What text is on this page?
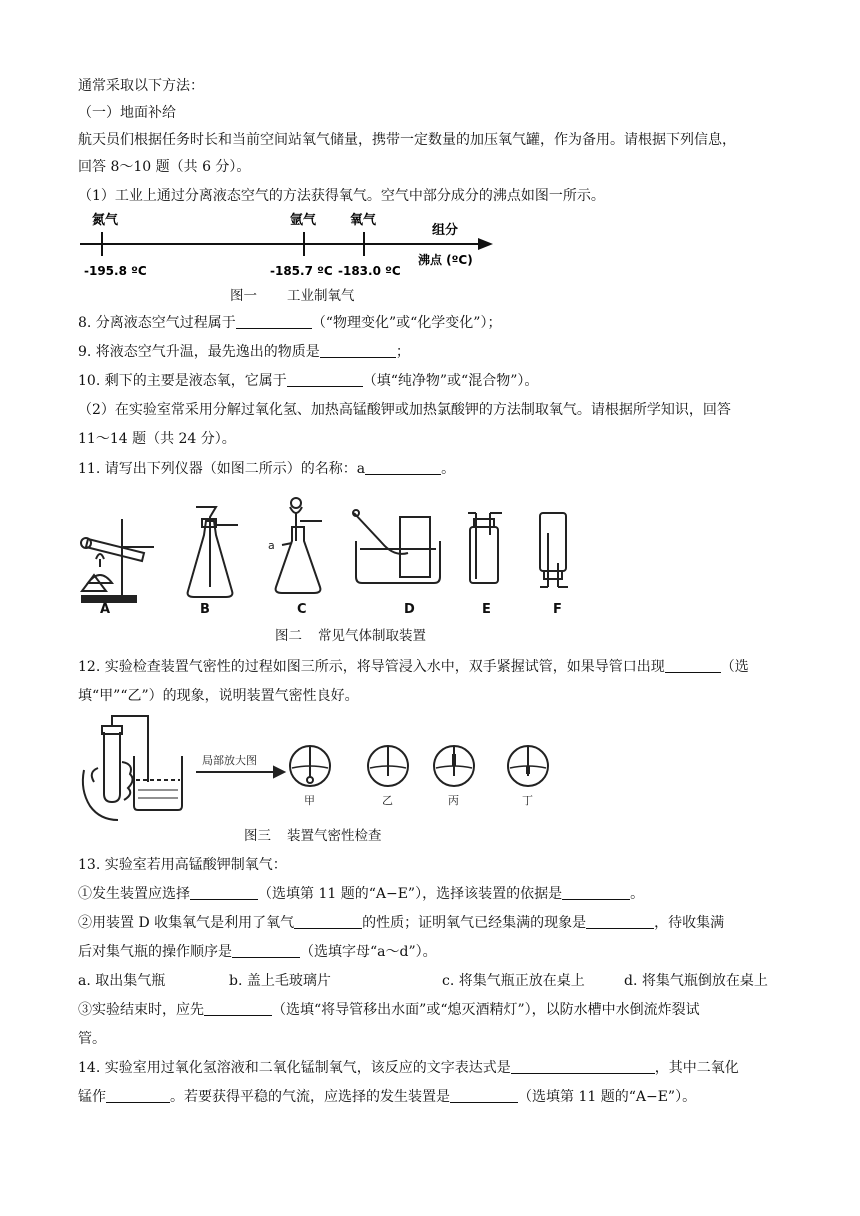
通常采取以下方法：
（一）地面补给
航天员们根据任务时长和当前空间站氧气储量，携带一定数量的加压氧气罐，作为备用。请根据下列信息，
回答 8～10 题（共 6 分）。
（1）工业上通过分离液态空气的方法获得氧气。空气中部分成分的沸点如图一所示。
氮气	氩气	氧气
-195.8 ºC	-185.7 ºC -183.0 ºC
组分
沸点 (ºC)
图一 工业制氧气
8. 分离液态空气过程属于	（“物理变化”或“化学变化”）；
9. 将液态空气升温，最先逸出的物质是	；
10. 剩下的主要是液态氧，它属于	（填“纯净物”或“混合物”）。
（2）在实验室常采用分解过氧化氢、加热高锰酸钾或加热氯酸钾的方法制取氧气。请根据所学知识，回答
11～14 题（共 24 分）。
11. 请写出下列仪器（如图二所示）的名称：a	。
a
A	B	C	D	E	F
图二 常见气体制取装置
12. 实验检查装置气密性的过程如图三所示，将导管浸入水中，双手紧握试管，如果导管口出现	（选
填“甲”“乙”）的现象，说明装置气密性良好。
局部放大图
甲	乙	丙	丁
图三 装置气密性检查
13. 实验室若用高锰酸钾制氧气：
①发生装置应选择	（选填第 11 题的“A−E”），选择该装置的依据是	。
②用装置 D 收集氧气是利用了氧气	的性质；证明氧气已经集满的现象是	，待收集满
后对集气瓶的操作顺序是	（选填字母“a～d”）。
a. 取出集气瓶	b. 盖上毛玻璃片	c. 将集气瓶正放在桌上	d. 将集气瓶倒放在桌上
③实验结束时，应先	（选填“将导管移出水面”或“熄灭酒精灯”），以防水槽中水倒流炸裂试
管。
14. 实验室用过氧化氢溶液和二氧化锰制氧气，该反应的文字表达式是	，其中二氧化
锰作	。若要获得平稳的气流，应选择的发生装置是	（选填第 11 题的“A−E”）。
